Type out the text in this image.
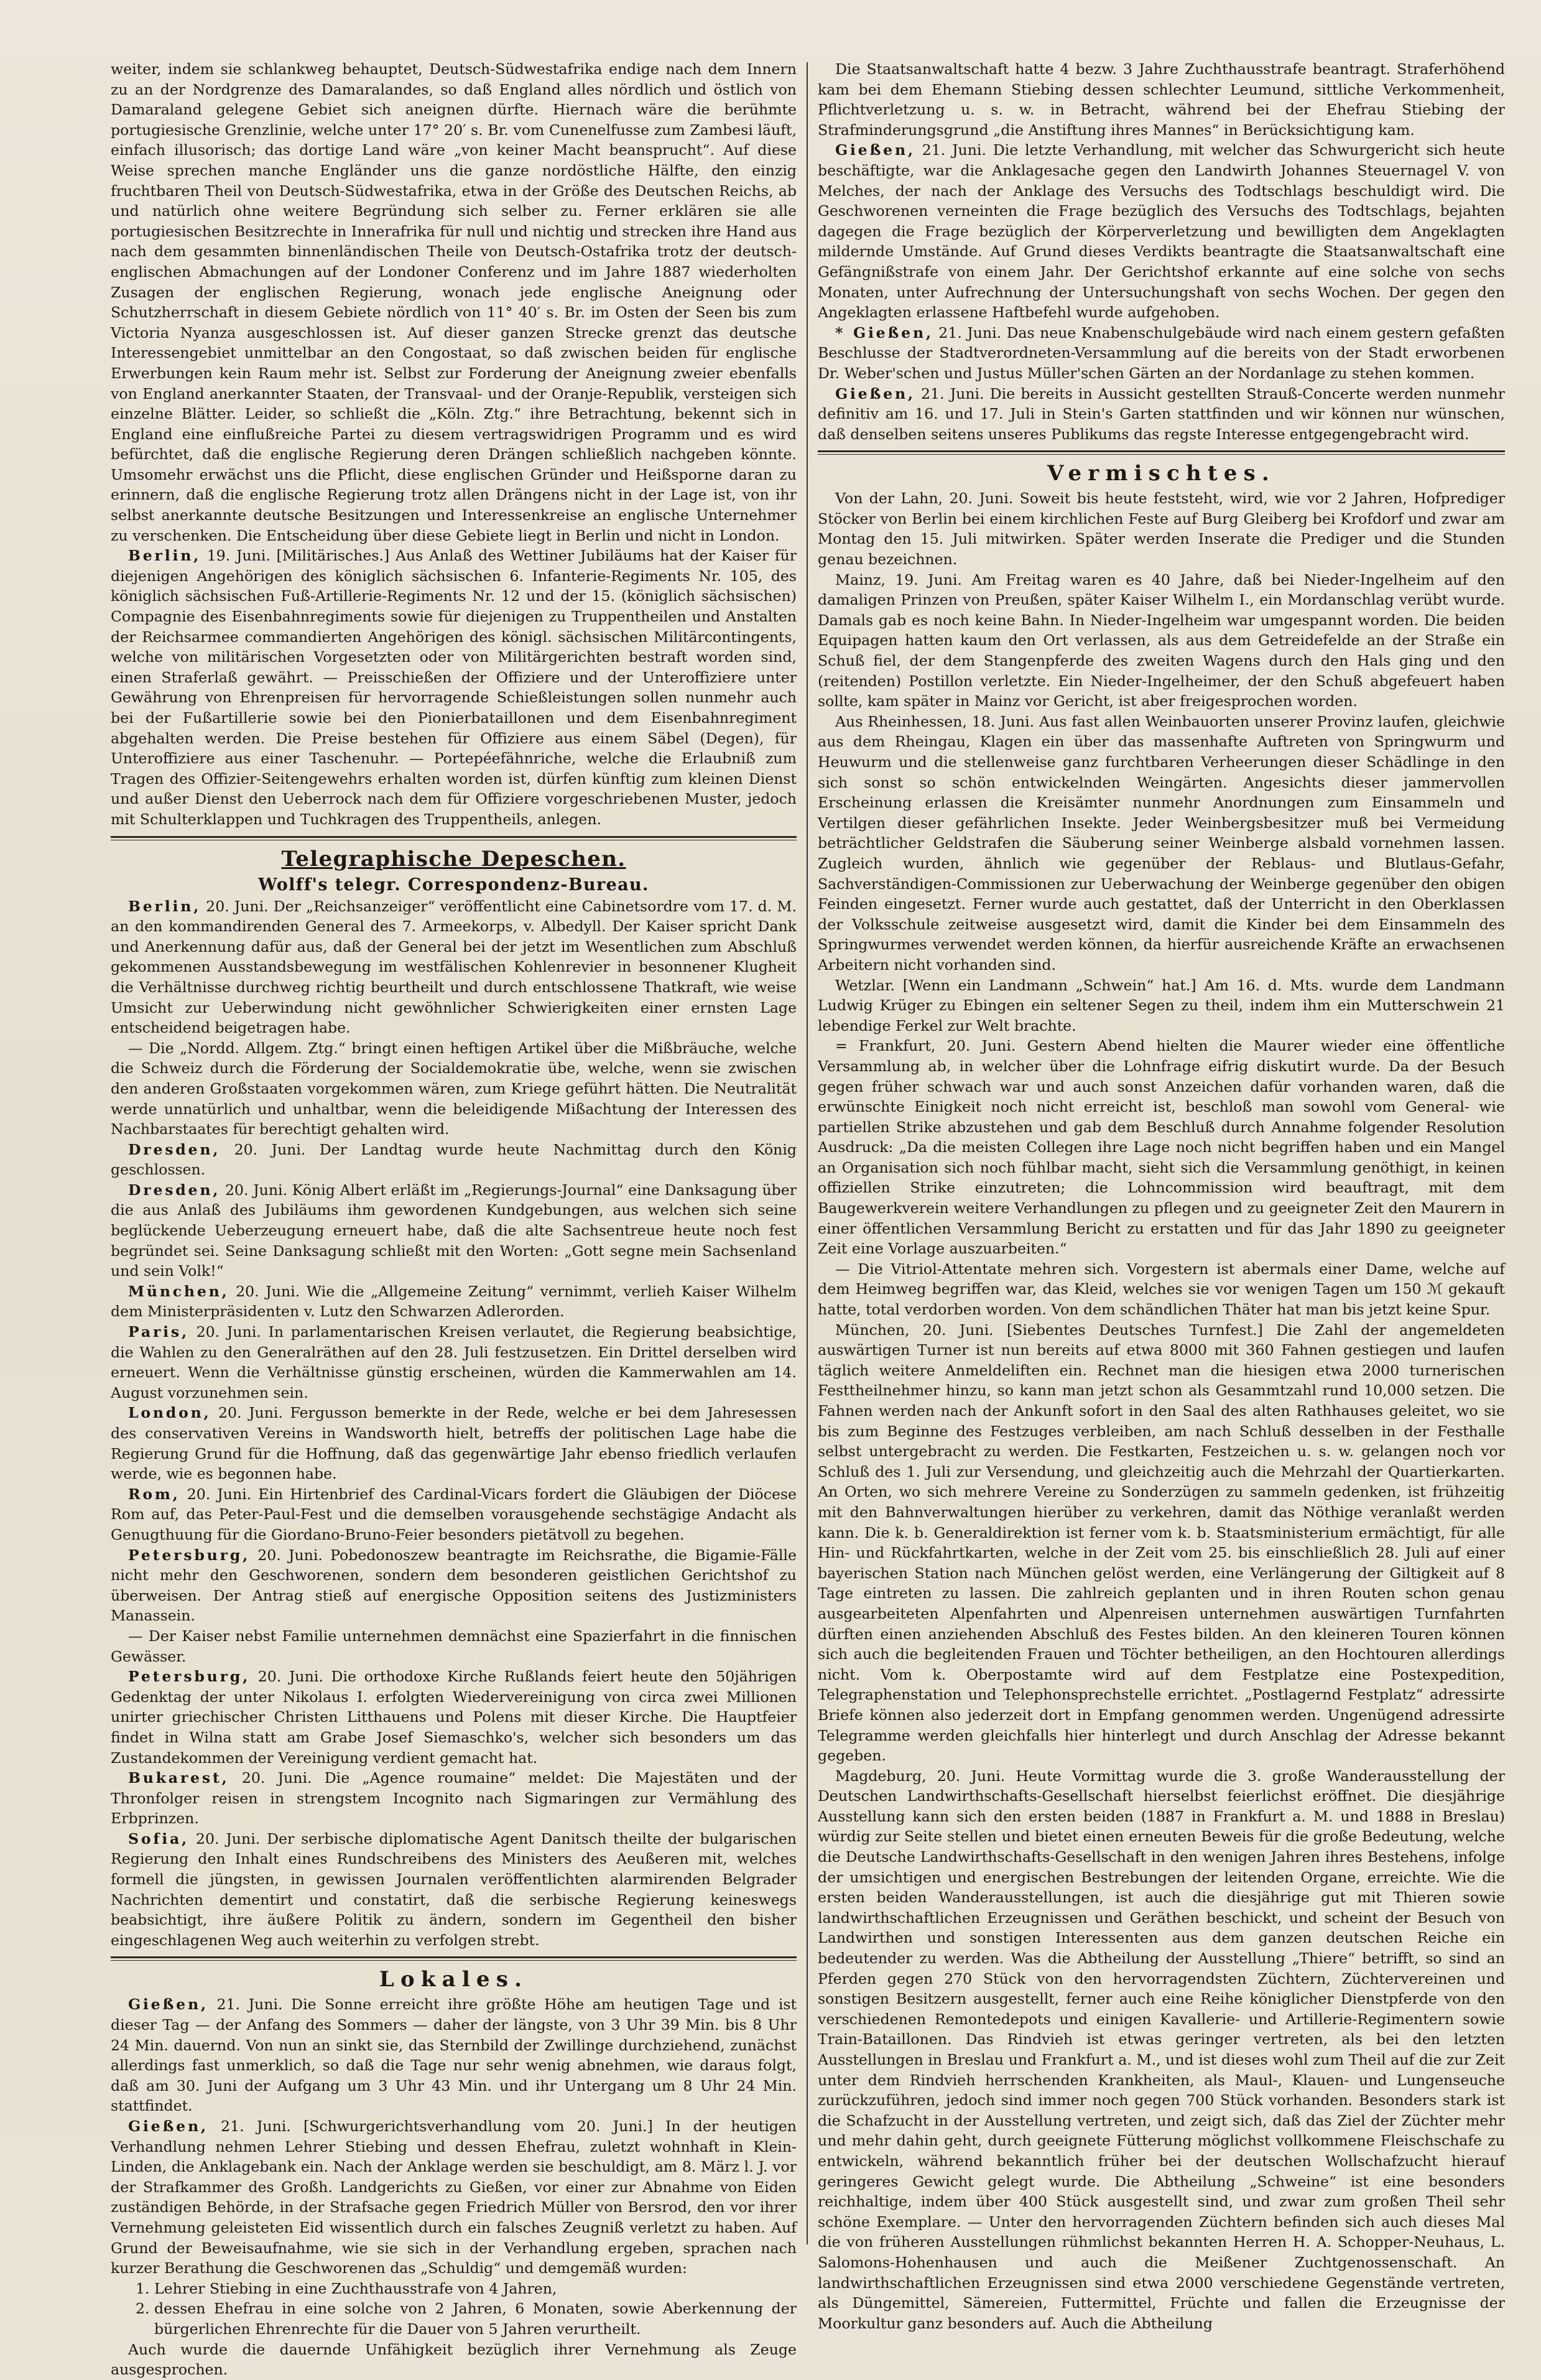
weiter, indem sie schlankweg behauptet, Deutsch-Südwestafrika endige nach dem Innern zu an der Nordgrenze des Damaralandes, so daß England alles nördlich und östlich von Damaraland gelegene Gebiet sich aneignen dürfte. Hiernach wäre die berühmte portugiesische Grenzlinie, welche unter 17° 20′ s. Br. vom Cunenelfusse zum Zambesi läuft, einfach illusorisch; das dortige Land wäre „von keiner Macht beansprucht“. Auf diese Weise sprechen manche Engländer uns die ganze nordöstliche Hälfte, den einzig fruchtbaren Theil von Deutsch-Südwestafrika, etwa in der Größe des Deutschen Reichs, ab und natürlich ohne weitere Begründung sich selber zu. Ferner erklären sie alle portugiesischen Besitzrechte in Innerafrika für null und nichtig und strecken ihre Hand aus nach dem gesammten binnenländischen Theile von Deutsch-Ostafrika trotz der deutsch-englischen Abmachungen auf der Londoner Conferenz und im Jahre 1887 wiederholten Zusagen der englischen Regierung, wonach jede englische Aneignung oder Schutzherrschaft in diesem Gebiete nördlich von 11° 40′ s. Br. im Osten der Seen bis zum Victoria Nyanza ausgeschlossen ist. Auf dieser ganzen Strecke grenzt das deutsche Interessengebiet unmittelbar an den Congostaat, so daß zwischen beiden für englische Erwerbungen kein Raum mehr ist. Selbst zur Forderung der Aneignung zweier ebenfalls von England anerkannter Staaten, der Transvaal- und der Oranje-Republik, versteigen sich einzelne Blätter. Leider, so schließt die „Köln. Ztg.“ ihre Betrachtung, bekennt sich in England eine einflußreiche Partei zu diesem vertragswidrigen Programm und es wird befürchtet, daß die englische Regierung deren Drängen schließlich nachgeben könnte. Umsomehr erwächst uns die Pflicht, diese englischen Gründer und Heißsporne daran zu erinnern, daß die englische Regierung trotz allen Drängens nicht in der Lage ist, von ihr selbst anerkannte deutsche Besitzungen und Interessenkreise an englische Unternehmer zu verschenken. Die Entscheidung über diese Gebiete liegt in Berlin und nicht in London.

Berlin, 19. Juni. [Militärisches.] Aus Anlaß des Wettiner Jubiläums hat der Kaiser für diejenigen Angehörigen des königlich sächsischen 6. Infanterie-Regiments Nr. 105, des königlich sächsischen Fuß-Artillerie-Regiments Nr. 12 und der 15. (königlich sächsischen) Compagnie des Eisenbahnregiments sowie für diejenigen zu Truppentheilen und Anstalten der Reichsarmee commandierten Angehörigen des königl. sächsischen Militärcontingents, welche von militärischen Vorgesetzten oder von Militärgerichten bestraft worden sind, einen Straferlaß gewährt. — Preisschießen der Offiziere und der Unteroffiziere unter Gewährung von Ehrenpreisen für hervorragende Schießleistungen sollen nunmehr auch bei der Fußartillerie sowie bei den Pionierbataillonen und dem Eisenbahnregiment abgehalten werden. Die Preise bestehen für Offiziere aus einem Säbel (Degen), für Unteroffiziere aus einer Taschenuhr. — Portepéefähnriche, welche die Erlaubniß zum Tragen des Offizier-Seitengewehrs erhalten worden ist, dürfen künftig zum kleinen Dienst und außer Dienst den Ueberrock nach dem für Offiziere vorgeschriebenen Muster, jedoch mit Schulterklappen und Tuchkragen des Truppentheils, anlegen.

Telegraphische Depeschen.
Wolff's telegr. Correspondenz-Bureau.

Berlin, 20. Juni. Der „Reichsanzeiger“ veröffentlicht eine Cabinetsordre vom 17. d. M. an den kommandirenden General des 7. Armeekorps, v. Albedyll. Der Kaiser spricht Dank und Anerkennung dafür aus, daß der General bei der jetzt im Wesentlichen zum Abschluß gekommenen Ausstandsbewegung im westfälischen Kohlenrevier in besonnener Klugheit die Verhältnisse durchweg richtig beurtheilt und durch entschlossene Thatkraft, wie weise Umsicht zur Ueberwindung nicht gewöhnlicher Schwierigkeiten einer ernsten Lage entscheidend beigetragen habe.

— Die „Nordd. Allgem. Ztg.“ bringt einen heftigen Artikel über die Mißbräuche, welche die Schweiz durch die Förderung der Socialdemokratie übe, welche, wenn sie zwischen den anderen Großstaaten vorgekommen wären, zum Kriege geführt hätten. Die Neutralität werde unnatürlich und unhaltbar, wenn die beleidigende Mißachtung der Interessen des Nachbarstaates für berechtigt gehalten wird.

Dresden, 20. Juni. Der Landtag wurde heute Nachmittag durch den König geschlossen.

Dresden, 20. Juni. König Albert erläßt im „Regierungs-Journal“ eine Danksagung über die aus Anlaß des Jubiläums ihm gewordenen Kundgebungen, aus welchen sich seine beglückende Ueberzeugung erneuert habe, daß die alte Sachsentreue heute noch fest begründet sei. Seine Danksagung schließt mit den Worten: „Gott segne mein Sachsenland und sein Volk!“

München, 20. Juni. Wie die „Allgemeine Zeitung“ vernimmt, verlieh Kaiser Wilhelm dem Ministerpräsidenten v. Lutz den Schwarzen Adlerorden.

Paris, 20. Juni. In parlamentarischen Kreisen verlautet, die Regierung beabsichtige, die Wahlen zu den Generalräthen auf den 28. Juli festzusetzen. Ein Drittel derselben wird erneuert. Wenn die Verhältnisse günstig erscheinen, würden die Kammerwahlen am 14. August vorzunehmen sein.

London, 20. Juni. Fergusson bemerkte in der Rede, welche er bei dem Jahresessen des conservativen Vereins in Wandsworth hielt, betreffs der politischen Lage habe die Regierung Grund für die Hoffnung, daß das gegenwärtige Jahr ebenso friedlich verlaufen werde, wie es begonnen habe.

Rom, 20. Juni. Ein Hirtenbrief des Cardinal-Vicars fordert die Gläubigen der Diöcese Rom auf, das Peter-Paul-Fest und die demselben vorausgehende sechstägige Andacht als Genugthuung für die Giordano-Bruno-Feier besonders pietätvoll zu begehen.

Petersburg, 20. Juni. Pobedonoszew beantragte im Reichsrathe, die Bigamie-Fälle nicht mehr den Geschworenen, sondern dem besonderen geistlichen Gerichtshof zu überweisen. Der Antrag stieß auf energische Opposition seitens des Justizministers Manassein.

— Der Kaiser nebst Familie unternehmen demnächst eine Spazierfahrt in die finnischen Gewässer.

Petersburg, 20. Juni. Die orthodoxe Kirche Rußlands feiert heute den 50jährigen Gedenktag der unter Nikolaus I. erfolgten Wiedervereinigung von circa zwei Millionen unirter griechischer Christen Litthauens und Polens mit dieser Kirche. Die Hauptfeier findet in Wilna statt am Grabe Josef Siemaschko's, welcher sich besonders um das Zustandekommen der Vereinigung verdient gemacht hat.

Bukarest, 20. Juni. Die „Agence roumaine“ meldet: Die Majestäten und der Thronfolger reisen in strengstem Incognito nach Sigmaringen zur Vermählung des Erbprinzen.

Sofia, 20. Juni. Der serbische diplomatische Agent Danitsch theilte der bulgarischen Regierung den Inhalt eines Rundschreibens des Ministers des Aeußeren mit, welches formell die jüngsten, in gewissen Journalen veröffentlichten alarmirenden Belgrader Nachrichten dementirt und constatirt, daß die serbische Regierung keineswegs beabsichtigt, ihre äußere Politik zu ändern, sondern im Gegentheil den bisher eingeschlagenen Weg auch weiterhin zu verfolgen strebt.

Lokales.

Gießen, 21. Juni. Die Sonne erreicht ihre größte Höhe am heutigen Tage und ist dieser Tag — der Anfang des Sommers — daher der längste, von 3 Uhr 39 Min. bis 8 Uhr 24 Min. dauernd. Von nun an sinkt sie, das Sternbild der Zwillinge durchziehend, zunächst allerdings fast unmerklich, so daß die Tage nur sehr wenig abnehmen, wie daraus folgt, daß am 30. Juni der Aufgang um 3 Uhr 43 Min. und ihr Untergang um 8 Uhr 24 Min. stattfindet.

Gießen, 21. Juni. [Schwurgerichtsverhandlung vom 20. Juni.] In der heutigen Verhandlung nehmen Lehrer Stiebing und dessen Ehefrau, zuletzt wohnhaft in Klein-Linden, die Anklagebank ein. Nach der Anklage werden sie beschuldigt, am 8. März l. J. vor der Strafkammer des Großh. Landgerichts zu Gießen, vor einer zur Abnahme von Eiden zuständigen Behörde, in der Strafsache gegen Friedrich Müller von Bersrod, den vor ihrer Vernehmung geleisteten Eid wissentlich durch ein falsches Zeugniß verletzt zu haben. Auf Grund der Beweisaufnahme, wie sie sich in der Verhandlung ergeben, sprachen nach kurzer Berathung die Geschworenen das „Schuldig“ und demgemäß wurden:

1. Lehrer Stiebing in eine Zuchthausstrafe von 4 Jahren,
2. dessen Ehefrau in eine solche von 2 Jahren, 6 Monaten, sowie Aberkennung der bürgerlichen Ehrenrechte für die Dauer von 5 Jahren verurtheilt.

Auch wurde die dauernde Unfähigkeit bezüglich ihrer Vernehmung als Zeuge ausgesprochen.

Die Staatsanwaltschaft hatte 4 bezw. 3 Jahre Zuchthausstrafe beantragt. Straferhöhend kam bei dem Ehemann Stiebing dessen schlechter Leumund, sittliche Verkommenheit, Pflichtverletzung u. s. w. in Betracht, während bei der Ehefrau Stiebing der Strafminderungsgrund „die Anstiftung ihres Mannes“ in Berücksichtigung kam.

Gießen, 21. Juni. Die letzte Verhandlung, mit welcher das Schwurgericht sich heute beschäftigte, war die Anklagesache gegen den Landwirth Johannes Steuernagel V. von Melches, der nach der Anklage des Versuchs des Todtschlags beschuldigt wird. Die Geschworenen verneinten die Frage bezüglich des Versuchs des Todtschlags, bejahten dagegen die Frage bezüglich der Körperverletzung und bewilligten dem Angeklagten mildernde Umstände. Auf Grund dieses Verdikts beantragte die Staatsanwaltschaft eine Gefängnißstrafe von einem Jahr. Der Gerichtshof erkannte auf eine solche von sechs Monaten, unter Aufrechnung der Untersuchungshaft von sechs Wochen. Der gegen den Angeklagten erlassene Haftbefehl wurde aufgehoben.

* Gießen, 21. Juni. Das neue Knabenschulgebäude wird nach einem gestern gefaßten Beschlusse der Stadtverordneten-Versammlung auf die bereits von der Stadt erworbenen Dr. Weber'schen und Justus Müller'schen Gärten an der Nordanlage zu stehen kommen.

Gießen, 21. Juni. Die bereits in Aussicht gestellten Strauß-Concerte werden nunmehr definitiv am 16. und 17. Juli in Stein's Garten stattfinden und wir können nur wünschen, daß denselben seitens unseres Publikums das regste Interesse entgegengebracht wird.

Vermischtes.

Von der Lahn, 20. Juni. Soweit bis heute feststeht, wird, wie vor 2 Jahren, Hofprediger Stöcker von Berlin bei einem kirchlichen Feste auf Burg Gleiberg bei Krofdorf und zwar am Montag den 15. Juli mitwirken. Später werden Inserate die Prediger und die Stunden genau bezeichnen.

Mainz, 19. Juni. Am Freitag waren es 40 Jahre, daß bei Nieder-Ingelheim auf den damaligen Prinzen von Preußen, später Kaiser Wilhelm I., ein Mordanschlag verübt wurde. Damals gab es noch keine Bahn. In Nieder-Ingelheim war umgespannt worden. Die beiden Equipagen hatten kaum den Ort verlassen, als aus dem Getreidefelde an der Straße ein Schuß fiel, der dem Stangenpferde des zweiten Wagens durch den Hals ging und den (reitenden) Postillon verletzte. Ein Nieder-Ingelheimer, der den Schuß abgefeuert haben sollte, kam später in Mainz vor Gericht, ist aber freigesprochen worden.

Aus Rheinhessen, 18. Juni. Aus fast allen Weinbauorten unserer Provinz laufen, gleichwie aus dem Rheingau, Klagen ein über das massenhafte Auftreten von Springwurm und Heuwurm und die stellenweise ganz furchtbaren Verheerungen dieser Schädlinge in den sich sonst so schön entwickelnden Weingärten. Angesichts dieser jammervollen Erscheinung erlassen die Kreisämter nunmehr Anordnungen zum Einsammeln und Vertilgen dieser gefährlichen Insekte. Jeder Weinbergsbesitzer muß bei Vermeidung beträchtlicher Geldstrafen die Säuberung seiner Weinberge alsbald vornehmen lassen. Zugleich wurden, ähnlich wie gegenüber der Reblaus- und Blutlaus-Gefahr, Sachverständigen-Commissionen zur Ueberwachung der Weinberge gegenüber den obigen Feinden eingesetzt. Ferner wurde auch gestattet, daß der Unterricht in den Oberklassen der Volksschule zeitweise ausgesetzt wird, damit die Kinder bei dem Einsammeln des Springwurmes verwendet werden können, da hierfür ausreichende Kräfte an erwachsenen Arbeitern nicht vorhanden sind.

Wetzlar. [Wenn ein Landmann „Schwein“ hat.] Am 16. d. Mts. wurde dem Landmann Ludwig Krüger zu Ebingen ein seltener Segen zu theil, indem ihm ein Mutterschwein 21 lebendige Ferkel zur Welt brachte.

= Frankfurt, 20. Juni. Gestern Abend hielten die Maurer wieder eine öffentliche Versammlung ab, in welcher über die Lohnfrage eifrig diskutirt wurde. Da der Besuch gegen früher schwach war und auch sonst Anzeichen dafür vorhanden waren, daß die erwünschte Einigkeit noch nicht erreicht ist, beschloß man sowohl vom General- wie partiellen Strike abzustehen und gab dem Beschluß durch Annahme folgender Resolution Ausdruck: „Da die meisten Collegen ihre Lage noch nicht begriffen haben und ein Mangel an Organisation sich noch fühlbar macht, sieht sich die Versammlung genöthigt, in keinen offiziellen Strike einzutreten; die Lohncommission wird beauftragt, mit dem Baugewerkverein weitere Verhandlungen zu pflegen und zu geeigneter Zeit den Maurern in einer öffentlichen Versammlung Bericht zu erstatten und für das Jahr 1890 zu geeigneter Zeit eine Vorlage auszuarbeiten.“

— Die Vitriol-Attentate mehren sich. Vorgestern ist abermals einer Dame, welche auf dem Heimweg begriffen war, das Kleid, welches sie vor wenigen Tagen um 150 ℳ gekauft hatte, total verdorben worden. Von dem schändlichen Thäter hat man bis jetzt keine Spur.

München, 20. Juni. [Siebentes Deutsches Turnfest.] Die Zahl der angemeldeten auswärtigen Turner ist nun bereits auf etwa 8000 mit 360 Fahnen gestiegen und laufen täglich weitere Anmeldeliften ein. Rechnet man die hiesigen etwa 2000 turnerischen Festtheilnehmer hinzu, so kann man jetzt schon als Gesammtzahl rund 10,000 setzen. Die Fahnen werden nach der Ankunft sofort in den Saal des alten Rathhauses geleitet, wo sie bis zum Beginne des Festzuges verbleiben, am nach Schluß desselben in der Festhalle selbst untergebracht zu werden. Die Festkarten, Festzeichen u. s. w. gelangen noch vor Schluß des 1. Juli zur Versendung, und gleichzeitig auch die Mehrzahl der Quartierkarten. An Orten, wo sich mehrere Vereine zu Sonderzügen zu sammeln gedenken, ist frühzeitig mit den Bahnverwaltungen hierüber zu verkehren, damit das Nöthige veranlaßt werden kann. Die k. b. Generaldirektion ist ferner vom k. b. Staatsministerium ermächtigt, für alle Hin- und Rückfahrtkarten, welche in der Zeit vom 25. bis einschließlich 28. Juli auf einer bayerischen Station nach München gelöst werden, eine Verlängerung der Giltigkeit auf 8 Tage eintreten zu lassen. Die zahlreich geplanten und in ihren Routen schon genau ausgearbeiteten Alpenfahrten und Alpenreisen unternehmen auswärtigen Turnfahrten dürften einen anziehenden Abschluß des Festes bilden. An den kleineren Touren können sich auch die begleitenden Frauen und Töchter betheiligen, an den Hochtouren allerdings nicht. Vom k. Oberpostamte wird auf dem Festplatze eine Postexpedition, Telegraphenstation und Telephonsprechstelle errichtet. „Postlagernd Festplatz“ adressirte Briefe können also jederzeit dort in Empfang genommen werden. Ungenügend adressirte Telegramme werden gleichfalls hier hinterlegt und durch Anschlag der Adresse bekannt gegeben.

Magdeburg, 20. Juni. Heute Vormittag wurde die 3. große Wanderausstellung der Deutschen Landwirthschafts-Gesellschaft hierselbst feierlichst eröffnet. Die diesjährige Ausstellung kann sich den ersten beiden (1887 in Frankfurt a. M. und 1888 in Breslau) würdig zur Seite stellen und bietet einen erneuten Beweis für die große Bedeutung, welche die Deutsche Landwirthschafts-Gesellschaft in den wenigen Jahren ihres Bestehens, infolge der umsichtigen und energischen Bestrebungen der leitenden Organe, erreichte. Wie die ersten beiden Wanderausstellungen, ist auch die diesjährige gut mit Thieren sowie landwirthschaftlichen Erzeugnissen und Geräthen beschickt, und scheint der Besuch von Landwirthen und sonstigen Interessenten aus dem ganzen deutschen Reiche ein bedeutender zu werden. Was die Abtheilung der Ausstellung „Thiere“ betrifft, so sind an Pferden gegen 270 Stück von den hervorragendsten Züchtern, Züchtervereinen und sonstigen Besitzern ausgestellt, ferner auch eine Reihe königlicher Dienstpferde von den verschiedenen Remontedepots und einigen Kavallerie- und Artillerie-Regimentern sowie Train-Bataillonen. Das Rindvieh ist etwas geringer vertreten, als bei den letzten Ausstellungen in Breslau und Frankfurt a. M., und ist dieses wohl zum Theil auf die zur Zeit unter dem Rindvieh herrschenden Krankheiten, als Maul-, Klauen- und Lungenseuche zurückzuführen, jedoch sind immer noch gegen 700 Stück vorhanden. Besonders stark ist die Schafzucht in der Ausstellung vertreten, und zeigt sich, daß das Ziel der Züchter mehr und mehr dahin geht, durch geeignete Fütterung möglichst vollkommene Fleischschafe zu entwickeln, während bekanntlich früher bei der deutschen Wollschafzucht hierauf geringeres Gewicht gelegt wurde. Die Abtheilung „Schweine“ ist eine besonders reichhaltige, indem über 400 Stück ausgestellt sind, und zwar zum großen Theil sehr schöne Exemplare. — Unter den hervorragenden Züchtern befinden sich auch dieses Mal die von früheren Ausstellungen rühmlichst bekannten Herren H. A. Schopper-Neuhaus, L. Salomons-Hohenhausen und auch die Meißener Zuchtgenossenschaft. An landwirthschaftlichen Erzeugnissen sind etwa 2000 verschiedene Gegenstände vertreten, als Düngemittel, Sämereien, Futtermittel, Früchte und fallen die Erzeugnisse der Moorkultur ganz besonders auf. Auch die Abtheilung
